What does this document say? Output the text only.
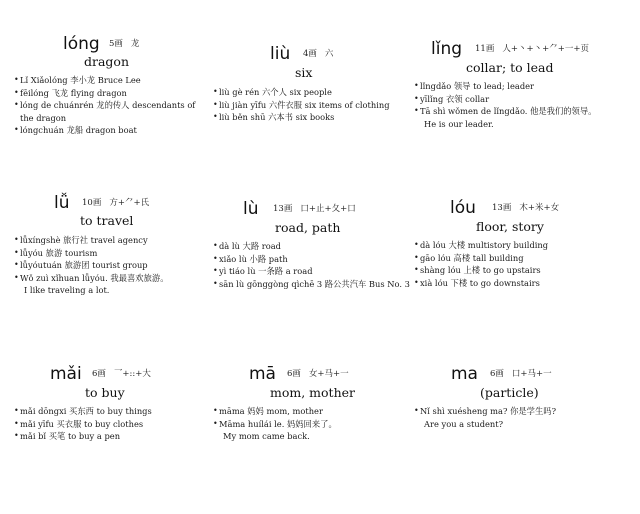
lóng 5画 龙
dragon
• Lǐ Xiǎolóng 李小龙 Bruce Lee
• fēilóng 飞龙 flying dragon
• lóng de chuánrén 龙的传人 descendants of
the dragon
• lóngchuán 龙船 dragon boat
liù 4画 六
six
• liù gè rén 六个人 six people
• liù jiàn yīfu 六件衣服 six items of clothing
• liù běn shū 六本书 six books
lǐng 11画 人+丶+丶+⺈+一+页
collar; to lead
• lǐngdǎo 领导 to lead; leader
• yīlǐng 衣领 collar
• Tā shì wǒmen de lǐngdǎo. 他是我们的领导。
He is our leader.
lǚ 10画 方+⺈+氏
to travel
• lǚxíngshè 旅行社 travel agency
• lǚyóu 旅游 tourism
• lǚyóutuán 旅游团 tourist group
• Wǒ zuì xǐhuan lǚyóu. 我最喜欢旅游。
I like traveling a lot.
lù 13画 口+止+夂+口
road, path
• dà lù 大路 road
• xiǎo lù 小路 path
• yì tiáo lù 一条路 a road
• sān lù gōnggòng qìchē 3 路公共汽车 Bus No. 3
lóu 13画 木+米+女
floor, story
• dà lóu 大楼 multistory building
• gāo lóu 高楼 tall building
• shàng lóu 上楼 to go upstairs
• xià lóu 下楼 to go downstairs
mǎi 6画 乛+::+大
to buy
• mǎi dōngxi 买东西 to buy things
• mǎi yīfu 买衣服 to buy clothes
• mǎi bǐ 买笔 to buy a pen
mā 6画 女+马+一
mom, mother
• māma 妈妈 mom, mother
• Māma huílái le. 妈妈回来了。
My mom came back.
ma 6画 口+马+一
(particle)
• Nǐ shì xuésheng ma? 你是学生吗?
Are you a student?
